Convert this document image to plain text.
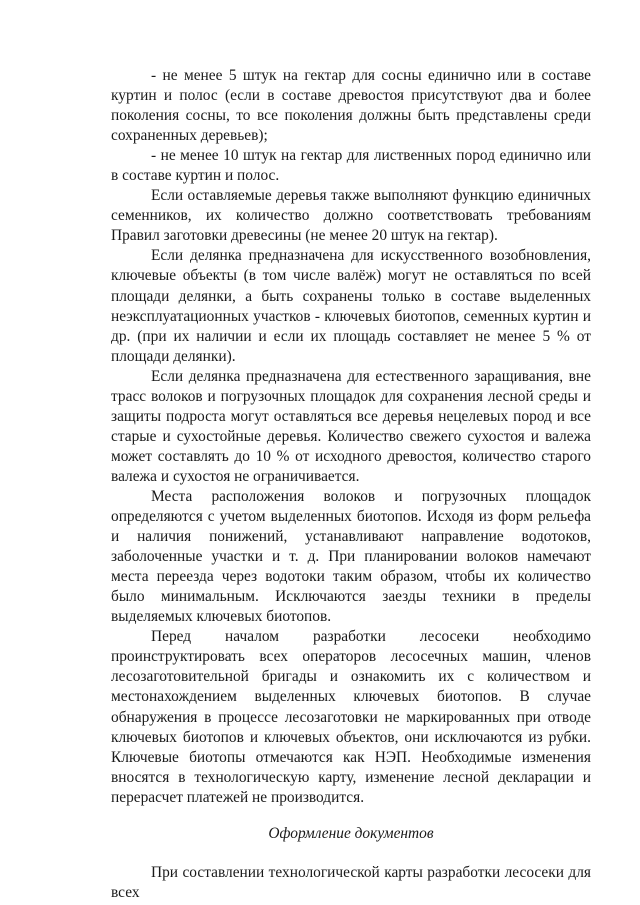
- не менее 5 штук на гектар для сосны единично или в составе куртин и полос (если в составе древостоя присутствуют два и более поколения сосны, то все поколения должны быть представлены среди сохраненных деревьев);

- не менее 10 штук на гектар для лиственных пород единично или в составе куртин и полос.

Если оставляемые деревья также выполняют функцию единичных семенников, их количество должно соответствовать требованиям Правил заготовки древесины (не менее 20 штук на гектар).

Если делянка предназначена для искусственного возобновления, ключевые объекты (в том числе валёж) могут не оставляться по всей площади делянки, а быть сохранены только в составе выделенных неэксплуатационных участков - ключевых биотопов, семенных куртин и др. (при их наличии и если их площадь составляет не менее 5 % от площади делянки).

Если делянка предназначена для естественного заращивания, вне трасс волоков и погрузочных площадок для сохранения лесной среды и защиты подроста могут оставляться все деревья нецелевых пород и все старые и сухостойные деревья. Количество свежего сухостоя и валежа может составлять до 10 % от исходного древостоя, количество старого валежа и сухостоя не ограничивается.

Места расположения волоков и погрузочных площадок определяются с учетом выделенных биотопов. Исходя из форм рельефа и наличия понижений, устанавливают направление водотоков, заболоченные участки и т. д. При планировании волоков намечают места переезда через водотоки таким образом, чтобы их количество было минимальным. Исключаются заезды техники в пределы выделяемых ключевых биотопов.

Перед началом разработки лесосеки необходимо проинструктировать всех операторов лесосечных машин, членов лесозаготовительной бригады и ознакомить их с количеством и местонахождением выделенных ключевых биотопов. В случае обнаружения в процессе лесозаготовки не маркированных при отводе ключевых биотопов и ключевых объектов, они исключаются из рубки. Ключевые биотопы отмечаются как НЭП. Необходимые изменения вносятся в технологическую карту, изменение лесной декларации и перерасчет платежей не производится.

Оформление документов

При составлении технологической карты разработки лесосеки для всех
